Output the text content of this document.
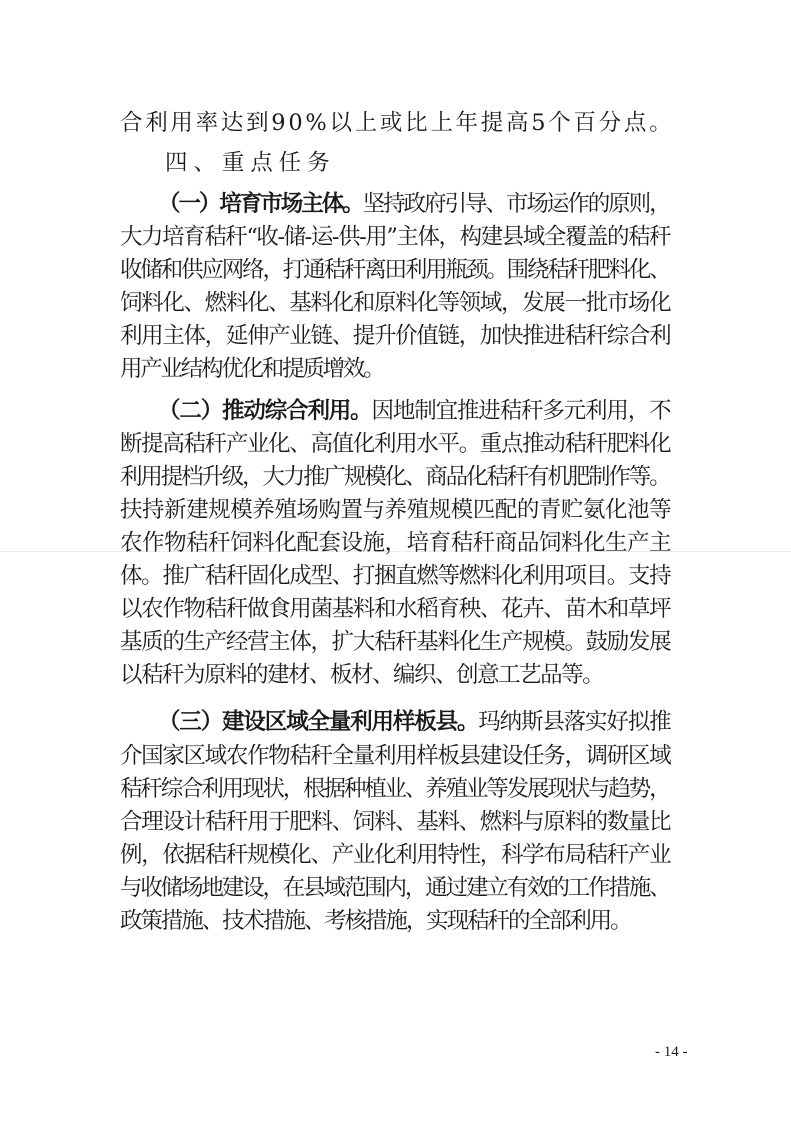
合利用率达到90%以上或比上年提高5个百分点。
四、重点任务
（一）培育市场主体。坚持政府引导、市场运作的原则，
大力培育秸秆“收-储-运-供-用”主体，构建县域全覆盖的秸秆
收储和供应网络，打通秸秆离田利用瓶颈。围绕秸秆肥料化、
饲料化、燃料化、基料化和原料化等领域，发展一批市场化
利用主体，延伸产业链、提升价值链，加快推进秸秆综合利
用产业结构优化和提质增效。
（二）推动综合利用。因地制宜推进秸秆多元利用，不
断提高秸秆产业化、高值化利用水平。重点推动秸秆肥料化
利用提档升级，大力推广规模化、商品化秸秆有机肥制作等。
扶持新建规模养殖场购置与养殖规模匹配的青贮氨化池等
农作物秸秆饲料化配套设施，培育秸秆商品饲料化生产主
体。推广秸秆固化成型、打捆直燃等燃料化利用项目。支持
以农作物秸秆做食用菌基料和水稻育秧、花卉、苗木和草坪
基质的生产经营主体，扩大秸秆基料化生产规模。鼓励发展
以秸秆为原料的建材、板材、编织、创意工艺品等。
（三）建设区域全量利用样板县。玛纳斯县落实好拟推
介国家区域农作物秸秆全量利用样板县建设任务，调研区域
秸秆综合利用现状，根据种植业、养殖业等发展现状与趋势，
合理设计秸秆用于肥料、饲料、基料、燃料与原料的数量比
例，依据秸秆规模化、产业化利用特性，科学布局秸秆产业
与收储场地建设，在县域范围内，通过建立有效的工作措施、
政策措施、技术措施、考核措施，实现秸秆的全部利用。
- 14 -
